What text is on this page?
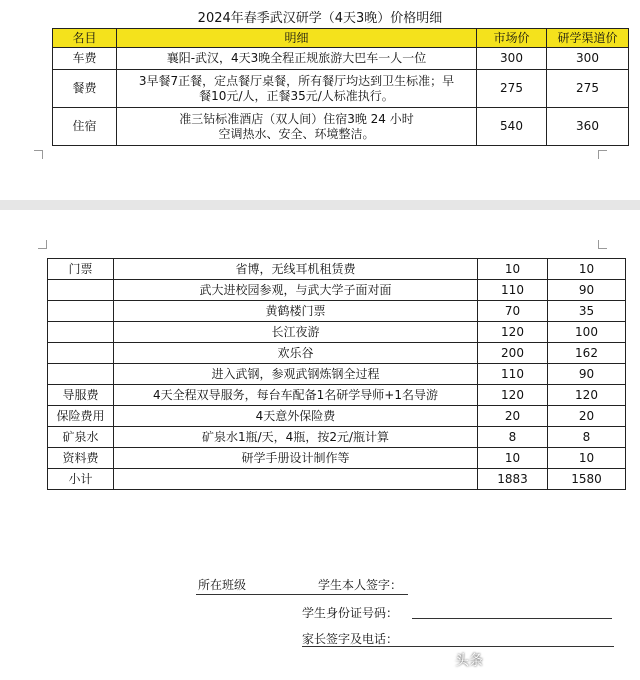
2024年春季武汉研学（4天3晚）价格明细
名目	明细	市场价	研学渠道价
车费	襄阳-武汉，4天3晚全程正规旅游大巴车一人一位	300	300
餐费	3早餐7正餐，定点餐厅桌餐，所有餐厅均达到卫生标准；早餐10元/人，正餐35元/人标准执行。	275	275
住宿	准三钻标准酒店（双人间）住宿3晚 24 小时空调热水、安全、环境整洁。	540	360
门票	省博，无线耳机租赁费	10	10
	武大进校园参观，与武大学子面对面	110	90
	黄鹤楼门票	70	35
	长江夜游	120	100
	欢乐谷	200	162
	进入武钢，参观武钢炼钢全过程	110	90
导服费	4天全程双导服务，每台车配备1名研学导师+1名导游	120	120
保险费用	4天意外保险费	20	20
矿泉水	矿泉水1瓶/天，4瓶，按2元/瓶计算	8	8
资料费	研学手册设计制作等	10	10
小计		1883	1580
所在班级	学生本人签字：
学生身份证号码：
家长签字及电话：
头条
